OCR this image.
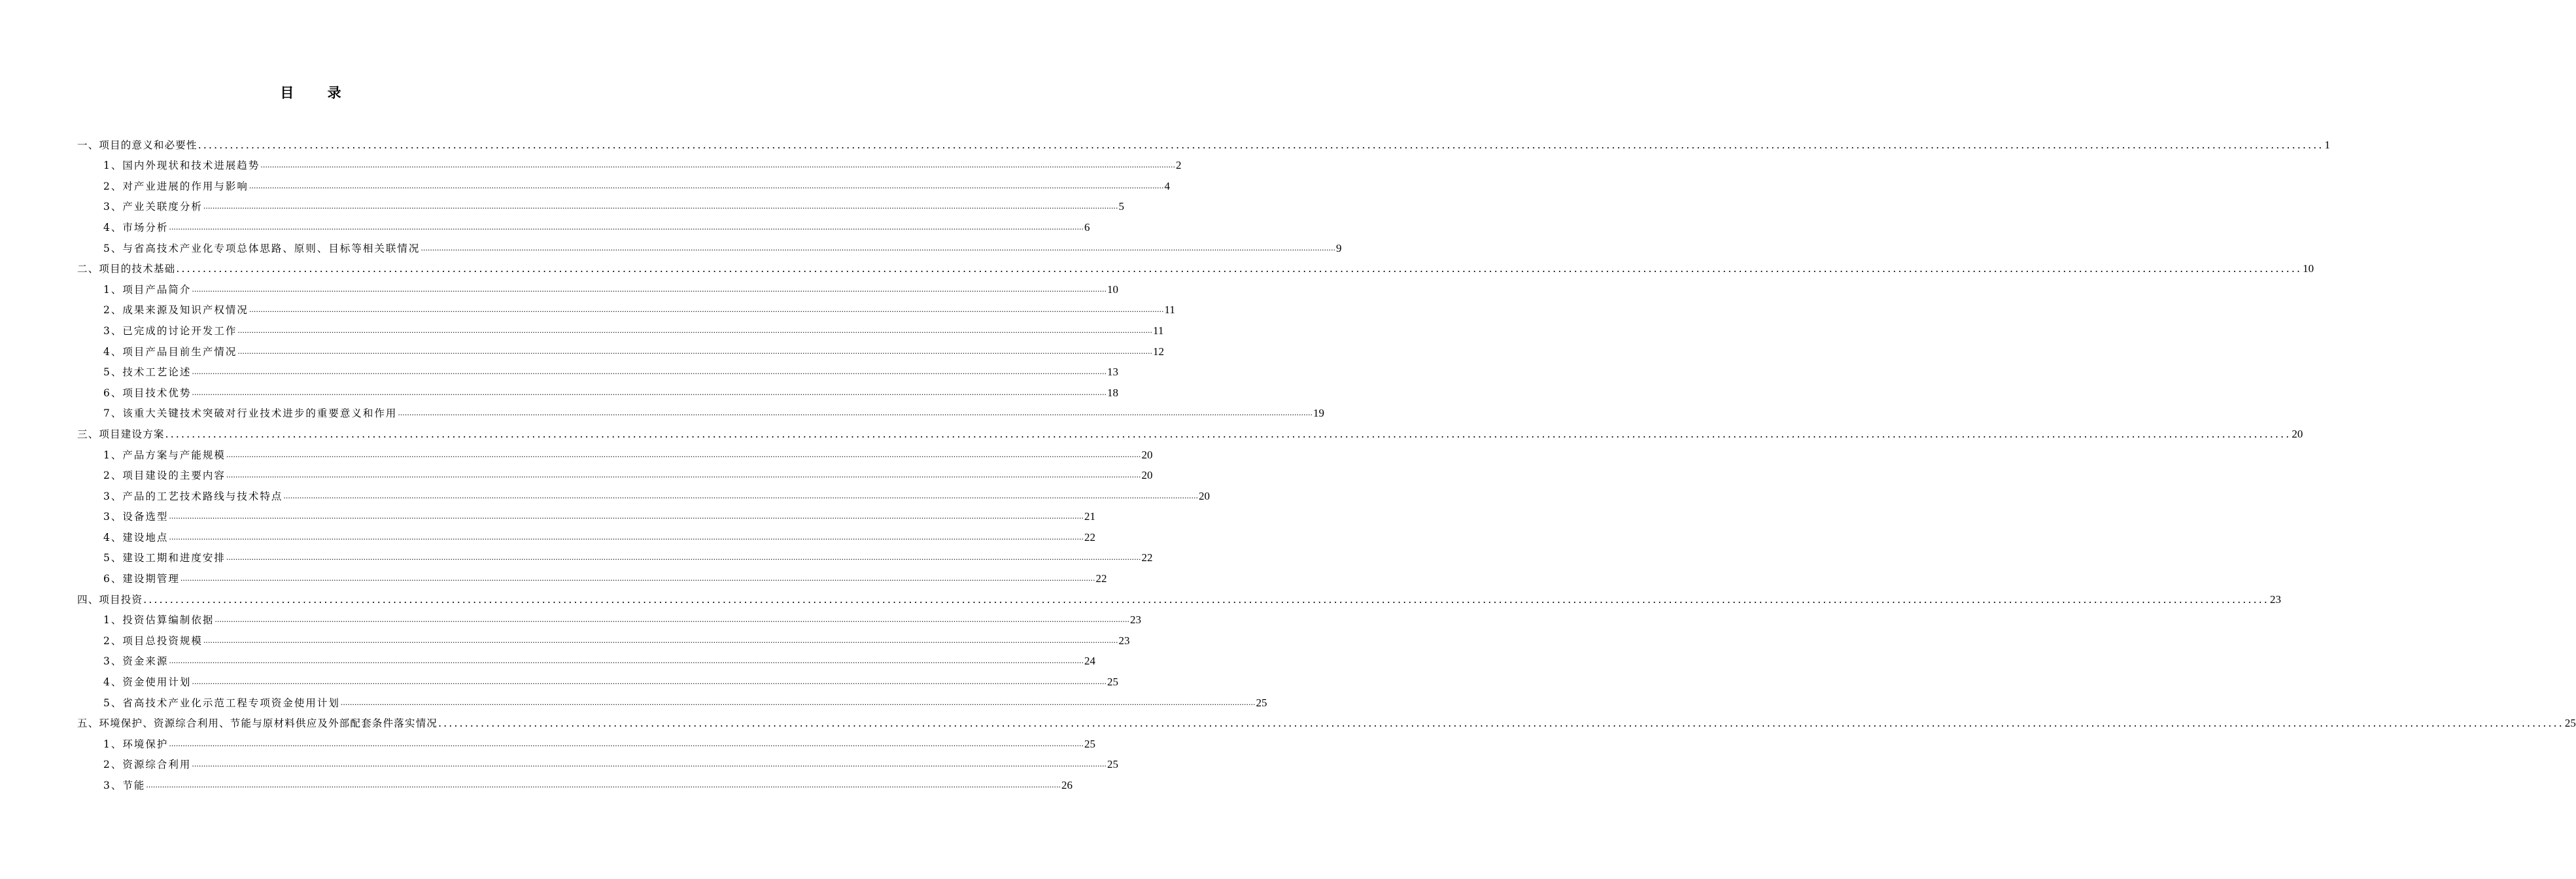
目 录
一、项目的意义和必要性 ................................................................................................................................................................................................................................................................................................................................................................................................................ 1
1、国内外现状和技术进展趋势 ................................................................................................................................................................................................................................................................................................................................................................................................................ 2
2、对产业进展的作用与影响 ................................................................................................................................................................................................................................................................................................................................................................................................................ 4
3、产业关联度分析 ................................................................................................................................................................................................................................................................................................................................................................................................................ 5
4、市场分析 ................................................................................................................................................................................................................................................................................................................................................................................................................ 6
5、与省高技术产业化专项总体思路、原则、目标等相关联情况 ................................................................................................................................................................................................................................................................................................................................................................................................................ 9
二、项目的技术基础 ................................................................................................................................................................................................................................................................................................................................................................................................................ 10
1、项目产品简介 ................................................................................................................................................................................................................................................................................................................................................................................................................ 10
2、成果来源及知识产权情况 ................................................................................................................................................................................................................................................................................................................................................................................................................ 11
3、已完成的讨论开发工作 ................................................................................................................................................................................................................................................................................................................................................................................................................ 11
4、项目产品目前生产情况 ................................................................................................................................................................................................................................................................................................................................................................................................................ 12
5、技术工艺论述 ................................................................................................................................................................................................................................................................................................................................................................................................................ 13
6、项目技术优势 ................................................................................................................................................................................................................................................................................................................................................................................................................ 18
7、该重大关键技术突破对行业技术进步的重要意义和作用 ................................................................................................................................................................................................................................................................................................................................................................................................................ 19
三、项目建设方案 ................................................................................................................................................................................................................................................................................................................................................................................................................ 20
1、产品方案与产能规模 ................................................................................................................................................................................................................................................................................................................................................................................................................ 20
2、项目建设的主要内容 ................................................................................................................................................................................................................................................................................................................................................................................................................ 20
3、产品的工艺技术路线与技术特点 ................................................................................................................................................................................................................................................................................................................................................................................................................ 20
3、设备选型 ................................................................................................................................................................................................................................................................................................................................................................................................................ 21
4、建设地点 ................................................................................................................................................................................................................................................................................................................................................................................................................ 22
5、建设工期和进度安排 ................................................................................................................................................................................................................................................................................................................................................................................................................ 22
6、建设期管理 ................................................................................................................................................................................................................................................................................................................................................................................................................ 22
四、项目投资 ................................................................................................................................................................................................................................................................................................................................................................................................................ 23
1、投资估算编制依据 ................................................................................................................................................................................................................................................................................................................................................................................................................ 23
2、项目总投资规模 ................................................................................................................................................................................................................................................................................................................................................................................................................ 23
3、资金来源 ................................................................................................................................................................................................................................................................................................................................................................................................................ 24
4、资金使用计划 ................................................................................................................................................................................................................................................................................................................................................................................................................ 25
5、省高技术产业化示范工程专项资金使用计划 ................................................................................................................................................................................................................................................................................................................................................................................................................ 25
五、环境保护、资源综合利用、节能与原材料供应及外部配套条件落实情况 ................................................................................................................................................................................................................................................................................................................................................................................................................ 25
1、环境保护 ................................................................................................................................................................................................................................................................................................................................................................................................................ 25
2、资源综合利用 ................................................................................................................................................................................................................................................................................................................................................................................................................ 25
3、节能 ................................................................................................................................................................................................................................................................................................................................................................................................................ 26
